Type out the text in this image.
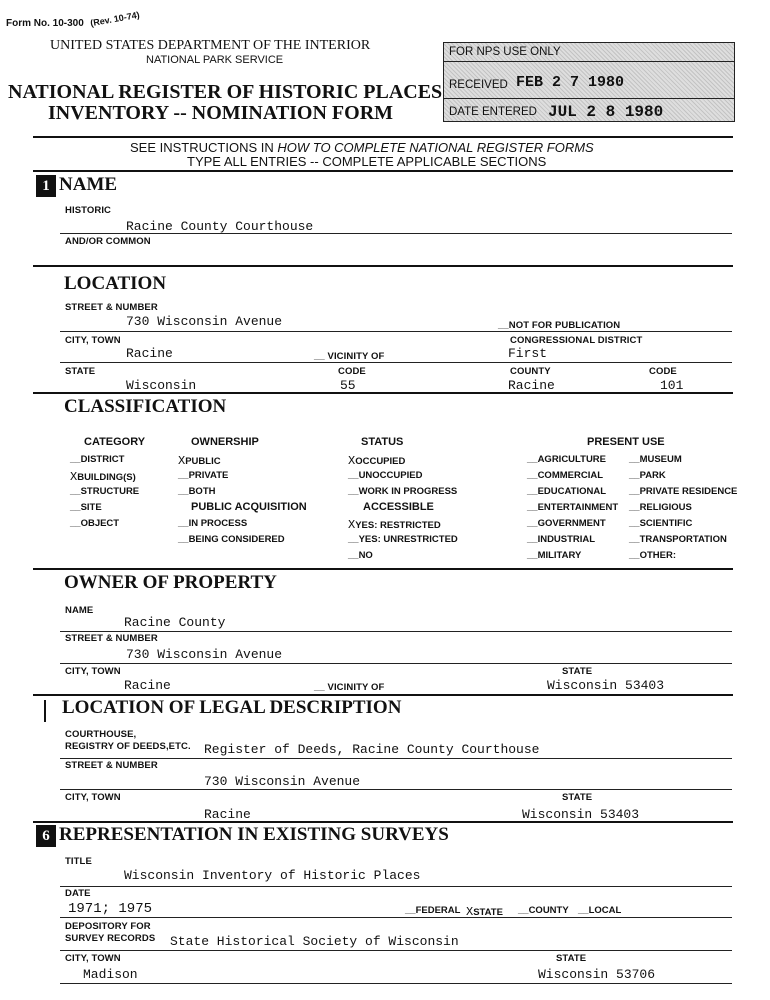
Form No. 10-300 (Rev. 10-74)
UNITED STATES DEPARTMENT OF THE INTERIOR
NATIONAL PARK SERVICE
NATIONAL REGISTER OF HISTORIC PLACES
INVENTORY -- NOMINATION FORM
FOR NPS USE ONLY
RECEIVED FEB 2 7 1980
DATE ENTERED JUL 2 8 1980
SEE INSTRUCTIONS IN HOW TO COMPLETE NATIONAL REGISTER FORMS
TYPE ALL ENTRIES -- COMPLETE APPLICABLE SECTIONS
1 NAME
HISTORIC
Racine County Courthouse
AND/OR COMMON
LOCATION
STREET & NUMBER
730 Wisconsin Avenue	__NOT FOR PUBLICATION
CITY, TOWN	CONGRESSIONAL DISTRICT
Racine	__ VICINITY OF	First
STATE	CODE	COUNTY	CODE
Wisconsin	55	Racine	101
CLASSIFICATION
CATEGORY
__DISTRICT
XBUILDING(S)
__STRUCTURE
__SITE
__OBJECT
OWNERSHIP
XPUBLIC
__PRIVATE
__BOTH
PUBLIC ACQUISITION
__IN PROCESS
__BEING CONSIDERED
STATUS
XOCCUPIED
__UNOCCUPIED
__WORK IN PROGRESS
ACCESSIBLE
XYES: RESTRICTED
__YES: UNRESTRICTED
__NO
PRESENT USE
__AGRICULTURE
__COMMERCIAL
__EDUCATIONAL
__ENTERTAINMENT
__GOVERNMENT
__INDUSTRIAL
__MILITARY
__MUSEUM
__PARK
__PRIVATE RESIDENCE
__RELIGIOUS
__SCIENTIFIC
__TRANSPORTATION
__OTHER:
OWNER OF PROPERTY
NAME
Racine County
STREET & NUMBER
730 Wisconsin Avenue
CITY, TOWN	STATE
Racine	__ VICINITY OF	Wisconsin 53403
LOCATION OF LEGAL DESCRIPTION
COURTHOUSE,
REGISTRY OF DEEDS,ETC. Register of Deeds, Racine County Courthouse
STREET & NUMBER
730 Wisconsin Avenue
CITY, TOWN	STATE
Racine	Wisconsin 53403
6 REPRESENTATION IN EXISTING SURVEYS
TITLE
Wisconsin Inventory of Historic Places
DATE
1971; 1975	__FEDERAL XSTATE __COUNTY __LOCAL
DEPOSITORY FOR
SURVEY RECORDS State Historical Society of Wisconsin
CITY, TOWN	STATE
Madison	Wisconsin 53706
